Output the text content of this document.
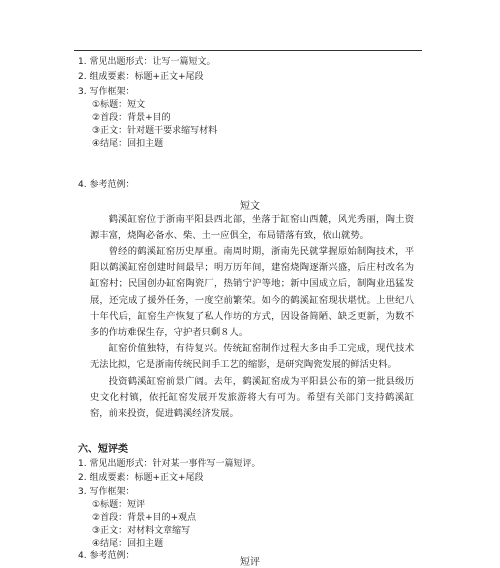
1. 常见出题形式：让写一篇短文。
2. 组成要素：标题+正文+尾段
3. 写作框架：
①标题：短文
②首段：背景+目的
③正文：针对题干要求缩写材料
④结尾：回扣主题
4. 参考范例：
短文
鹤溪缸窑位于浙南平阳县西北部，坐落于缸窑山西麓，风光秀丽，陶土资源丰富，烧陶必备水、柴、土一应俱全，布局错落有致，依山就势。
曾经的鹤溪缸窑历史厚重。南周时期，浙南先民就掌握原始制陶技术，平阳以鹤溪缸窑创建时间最早；明万历年间，建窑烧陶逐渐兴盛，后庄村改名为缸窑村；民国创办缸窑陶瓷厂，热销宁沪等地；新中国成立后，制陶业迅猛发展，还完成了援外任务，一度空前繁荣。如今的鹤溪缸窑现状堪忧。上世纪八十年代后，缸窑生产恢复了私人作坊的方式，因设备简陋、缺乏更新，为数不多的作坊难保生存，守护者只剩８人。
缸窑价值独特，有待复兴。传统缸窑制作过程大多由手工完成，现代技术无法比拟，它是浙南传统民间手工艺的缩影，是研究陶瓷发展的鲜活史料。
投资鹤溪缸窑前景广阔。去年，鹤溪缸窑成为平阳县公布的第一批县级历史文化村镇，依托缸窑发展开发旅游将大有可为。希望有关部门支持鹤溪缸窑，前来投资，促进鹤溪经济发展。
六、短评类
1. 常见出题形式：针对某一事件写一篇短评。
2. 组成要素：标题+正文+尾段
3. 写作框架：
①标题：短评
②首段：背景+目的+观点
③正文：对材料文章缩写
④结尾：回扣主题
4. 参考范例：
短评
